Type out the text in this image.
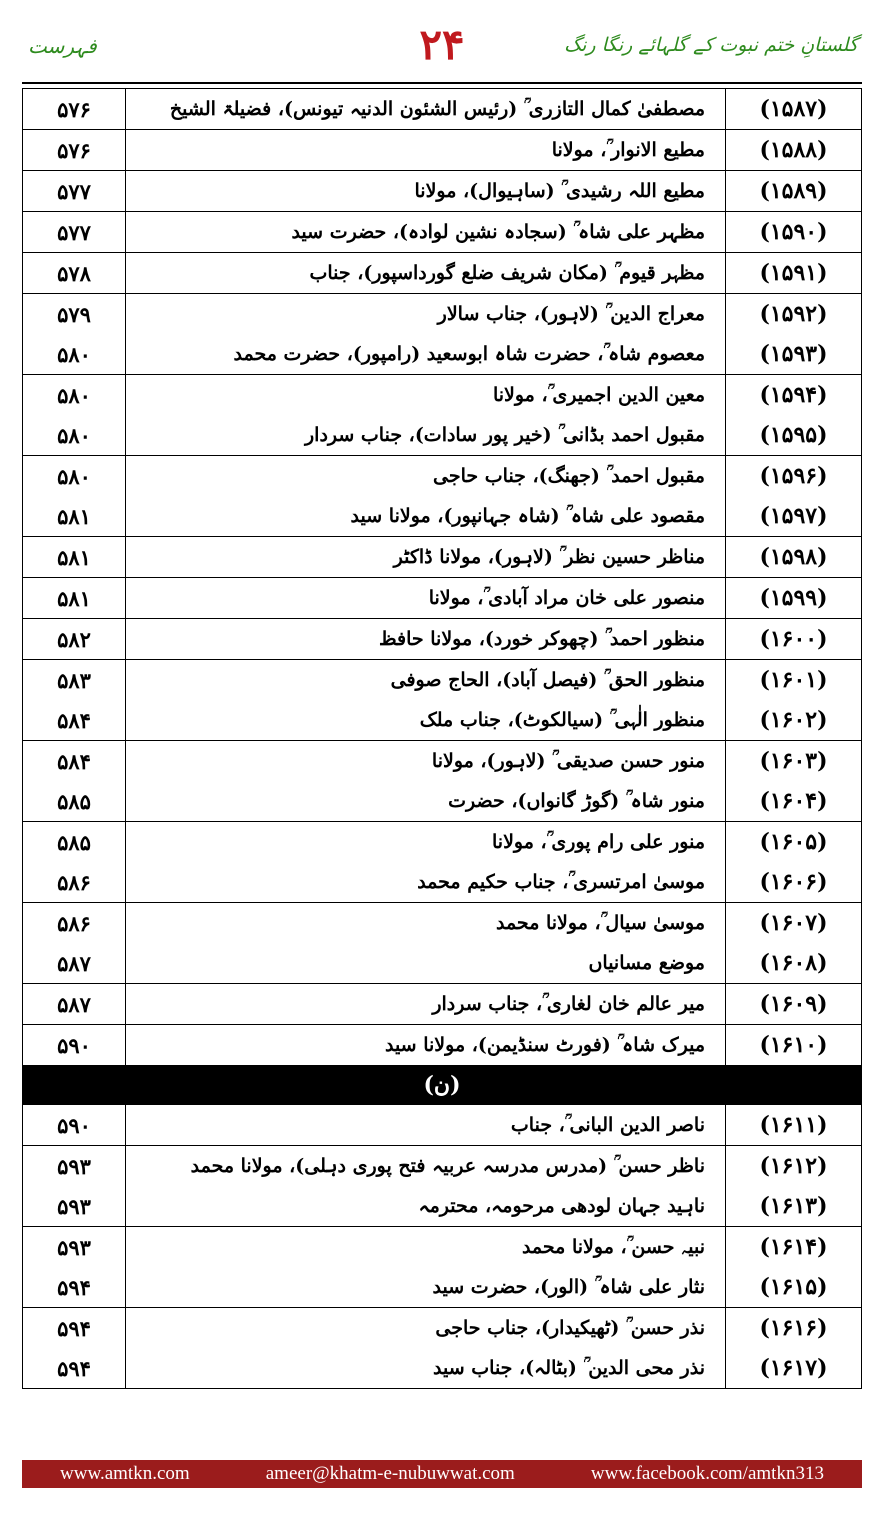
گلستانِ ختم نبوت کے گلہائے رنگا رنگ
۲۴
فہرست
(۱۵۸۷)	مصطفیٰ کمال التازری ؒ (رئیس الشئون الدنیہ تیونس)، فضیلۃ الشیخ	۵۷۶
(۱۵۸۸)	مطیع الانوار ؒ، مولانا	۵۷۶
(۱۵۸۹)	مطیع اللہ رشیدی ؒ (ساہیوال)، مولانا	۵۷۷
(۱۵۹۰)	مظہر علی شاہ ؒ (سجادہ نشین لوادہ)، حضرت سید	۵۷۷
(۱۵۹۱)	مظہر قیوم ؒ (مکان شریف ضلع گورداسپور)، جناب	۵۷۸
(۱۵۹۲)	معراج الدین ؒ (لاہور)، جناب سالار	۵۷۹
(۱۵۹۳)	معصوم شاہ ؒ، حضرت شاہ ابوسعید (رامپور)، حضرت محمد	۵۸۰
(۱۵۹۴)	معین الدین اجمیری ؒ، مولانا	۵۸۰
(۱۵۹۵)	مقبول احمد بڈانی ؒ (خیر پور سادات)، جناب سردار	۵۸۰
(۱۵۹۶)	مقبول احمد ؒ (جھنگ)، جناب حاجی	۵۸۰
(۱۵۹۷)	مقصود علی شاہ ؒ (شاہ جہانپور)، مولانا سید	۵۸۱
(۱۵۹۸)	مناظر حسین نظر ؒ (لاہور)، مولانا ڈاکٹر	۵۸۱
(۱۵۹۹)	منصور علی خان مراد آبادی ؒ، مولانا	۵۸۱
(۱۶۰۰)	منظور احمد ؒ (چھوکر خورد)، مولانا حافظ	۵۸۲
(۱۶۰۱)	منظور الحق ؒ (فیصل آباد)، الحاج صوفی	۵۸۳
(۱۶۰۲)	منظور الٰہی ؒ (سیالکوٹ)، جناب ملک	۵۸۴
(۱۶۰۳)	منور حسن صدیقی ؒ (لاہور)، مولانا	۵۸۴
(۱۶۰۴)	منور شاہ ؒ (گوڑ گانواں)، حضرت	۵۸۵
(۱۶۰۵)	منور علی رام پوری ؒ، مولانا	۵۸۵
(۱۶۰۶)	موسیٰ امرتسری ؒ، جناب حکیم محمد	۵۸۶
(۱۶۰۷)	موسیٰ سیال ؒ، مولانا محمد	۵۸۶
(۱۶۰۸)	موضع مسانیاں	۵۸۷
(۱۶۰۹)	میر عالم خان لغاری ؒ، جناب سردار	۵۸۷
(۱۶۱۰)	میرک شاہ ؒ (فورٹ سنڈیمن)، مولانا سید	۵۹۰
(ن)		
(۱۶۱۱)	ناصر الدین البانی ؒ، جناب	۵۹۰
(۱۶۱۲)	ناظر حسن ؒ (مدرس مدرسہ عربیہ فتح پوری دہلی)، مولانا محمد	۵۹۳
(۱۶۱۳)	ناہید جہان لودھی مرحومہ، محترمہ	۵۹۳
(۱۶۱۴)	نبیہ حسن ؒ، مولانا محمد	۵۹۳
(۱۶۱۵)	نثار علی شاہ ؒ (الور)، حضرت سید	۵۹۴
(۱۶۱۶)	نذر حسن ؒ (ٹھیکیدار)، جناب حاجی	۵۹۴
(۱۶۱۷)	نذر محی الدین ؒ (بٹالہ)، جناب سید	۵۹۴
www.amtkn.com	ameer@khatm-e-nubuwwat.com	www.facebook.com/amtkn313
